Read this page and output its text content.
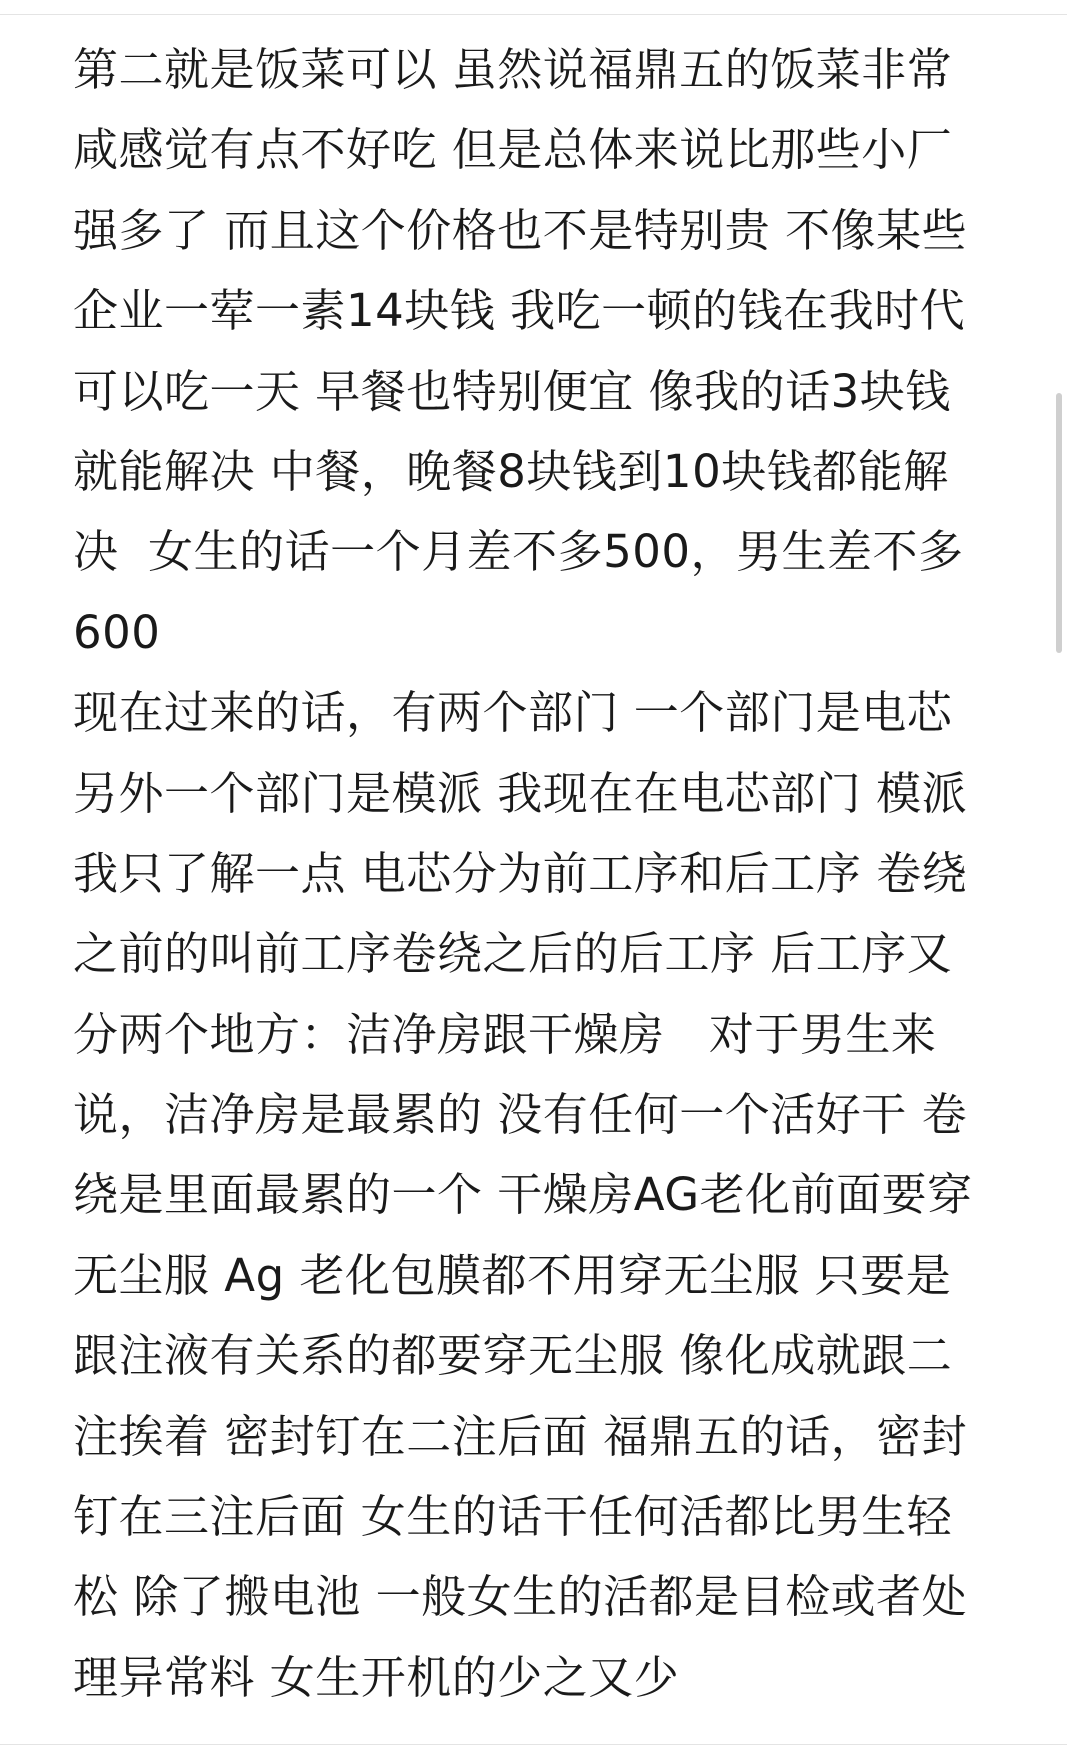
第二就是饭菜可以 虽然说福鼎五的饭菜非常
咸感觉有点不好吃 但是总体来说比那些小厂
强多了 而且这个价格也不是特别贵 不像某些
企业一荤一素14块钱 我吃一顿的钱在我时代
可以吃一天 早餐也特别便宜 像我的话3块钱
就能解决 中餐，晚餐8块钱到10块钱都能解
决  女生的话一个月差不多500，男生差不多
600
现在过来的话，有两个部门 一个部门是电芯
另外一个部门是模派 我现在在电芯部门 模派
我只了解一点 电芯分为前工序和后工序 卷绕
之前的叫前工序卷绕之后的后工序 后工序又
分两个地方：洁净房跟干燥房   对于男生来
说，洁净房是最累的 没有任何一个活好干 卷
绕是里面最累的一个 干燥房AG老化前面要穿
无尘服 Ag 老化包膜都不用穿无尘服 只要是
跟注液有关系的都要穿无尘服 像化成就跟二
注挨着 密封钉在二注后面 福鼎五的话，密封
钉在三注后面 女生的话干任何活都比男生轻
松 除了搬电池 一般女生的活都是目检或者处
理异常料 女生开机的少之又少
